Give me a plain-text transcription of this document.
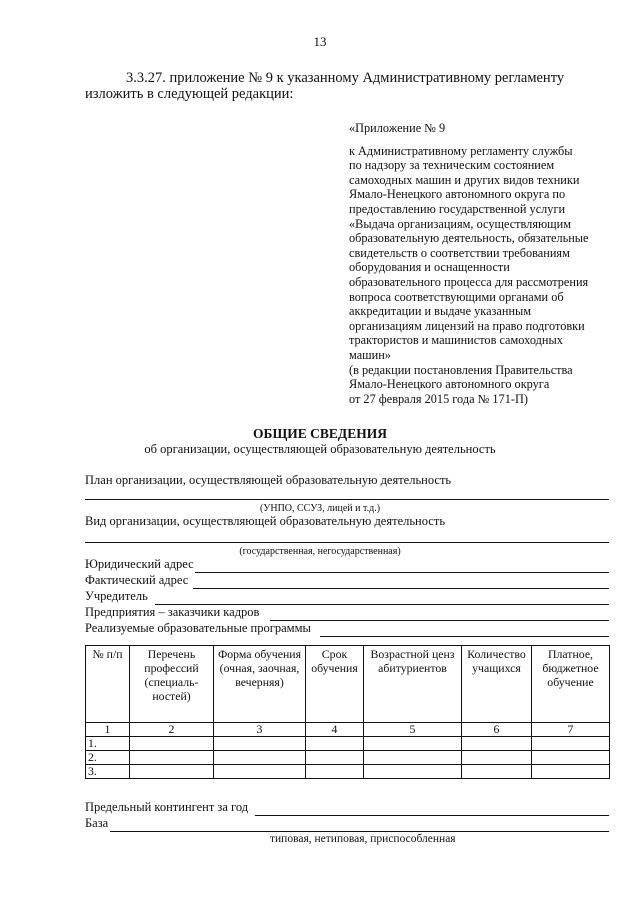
13
3.3.27. приложение № 9 к указанному Административному регламенту
изложить в следующей редакции:
«Приложение № 9
к Административному регламенту службы
по надзору за техническим состоянием
самоходных машин и других видов техники
Ямало-Ненецкого автономного округа по
предоставлению государственной услуги
«Выдача организациям, осуществляющим
образовательную деятельность, обязательные
свидетельств о соответствии требованиям
оборудования и оснащенности
образовательного процесса для рассмотрения
вопроса соответствующими органами об
аккредитации и выдаче указанным
организациям лицензий на право подготовки
трактористов и машинистов самоходных
машин»
(в редакции постановления Правительства
Ямало-Ненецкого автономного округа
от 27 февраля 2015 года № 171-П)
ОБЩИЕ СВЕДЕНИЯ
об организации, осуществляющей образовательную деятельность
План организации, осуществляющей образовательную деятельность
(УНПО, ССУЗ, лицей и т.д.)
Вид организации, осуществляющей образовательную деятельность
(государственная, негосударственная)
Юридический адрес
Фактический адрес
Учредитель
Предприятия – заказчики кадров
Реализуемые образовательные программы
№ п/п	Перечень профессий (специаль-ностей)	Форма обучения (очная, заочная, вечерняя)	Срок обучения	Возрастной ценз абитуриентов	Количество учащихся	Платное, бюджетное обучение
1	2	3	4	5	6	7
1.						
2.						
3.						
Предельный контингент за год
База
типовая, нетиповая, приспособленная
